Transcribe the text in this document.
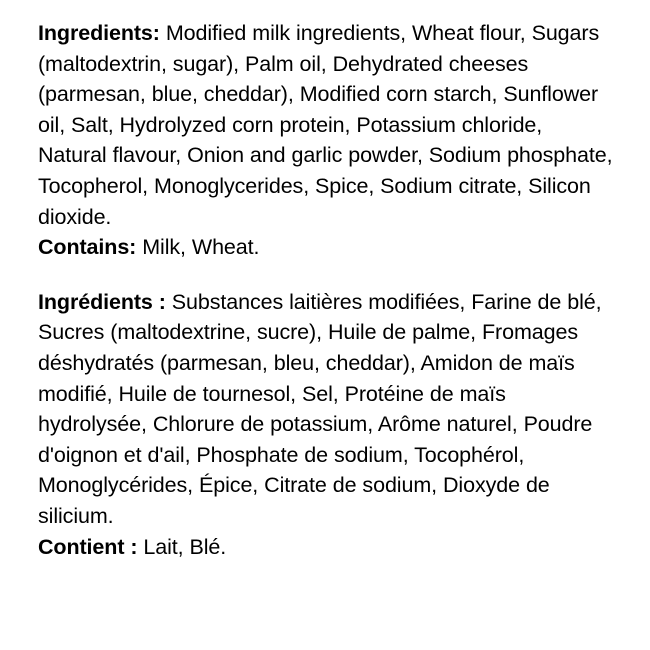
Ingredients: Modified milk ingredients, Wheat flour, Sugars (maltodextrin, sugar), Palm oil, Dehydrated cheeses (parmesan, blue, cheddar), Modified corn starch, Sunflower oil, Salt, Hydrolyzed corn protein, Potassium chloride, Natural flavour, Onion and garlic powder, Sodium phosphate, Tocopherol, Monoglycerides, Spice, Sodium citrate, Silicon dioxide.

Contains: Milk, Wheat.

Ingrédients : Substances laitières modifiées, Farine de blé, Sucres (maltodextrine, sucre), Huile de palme, Fromages déshydratés (parmesan, bleu, cheddar), Amidon de maïs modifié, Huile de tournesol, Sel, Protéine de maïs hydrolysée, Chlorure de potassium, Arôme naturel, Poudre d'oignon et d'ail, Phosphate de sodium, Tocophérol, Monoglycérides, Épice, Citrate de sodium, Dioxyde de silicium.

Contient : Lait, Blé.
